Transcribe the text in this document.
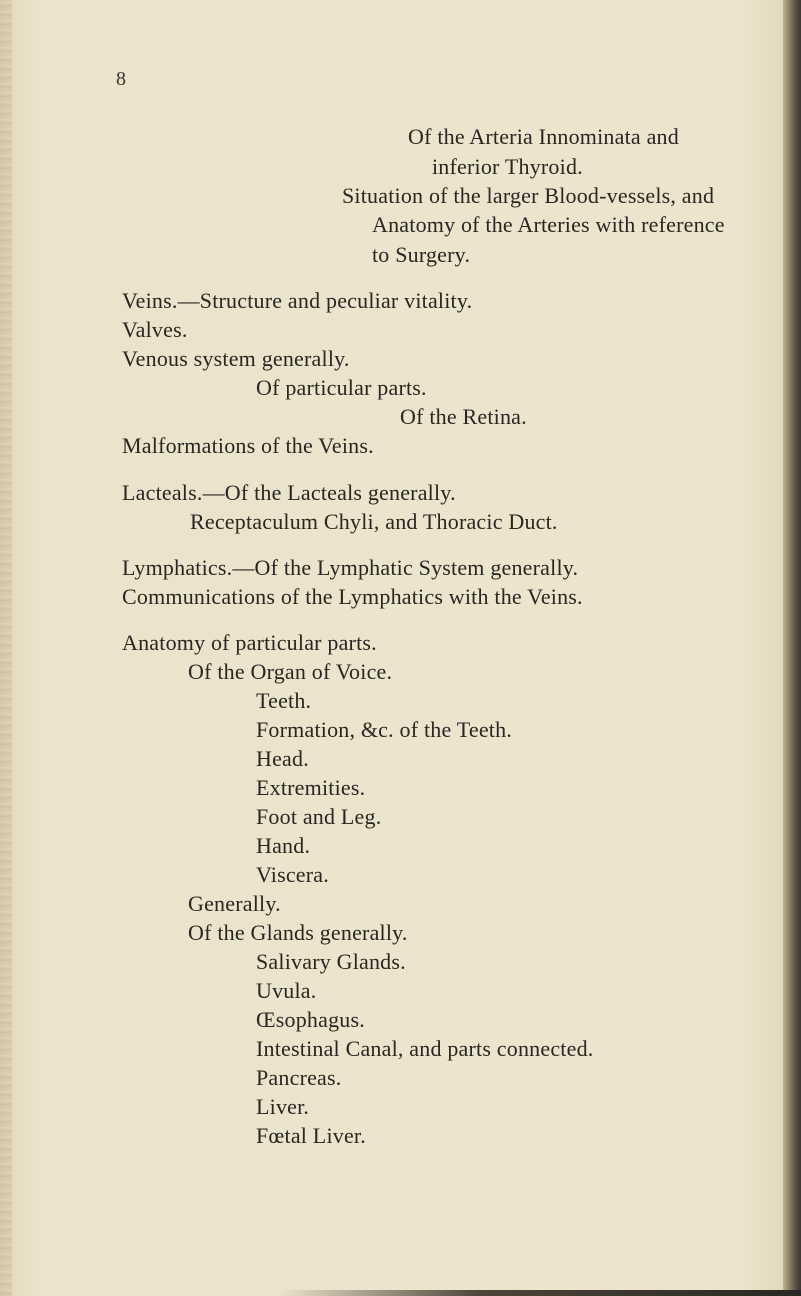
8
Of the Arteria Innominata and
inferior Thyroid.
Situation of the larger Blood-vessels, and
Anatomy of the Arteries with reference
to Surgery.
Veins.—Structure and peculiar vitality.
Valves.
Venous system generally.
Of particular parts.
Of the Retina.
Malformations of the Veins.
Lacteals.—Of the Lacteals generally.
Receptaculum Chyli, and Thoracic Duct.
Lymphatics.—Of the Lymphatic System generally.
Communications of the Lymphatics with the Veins.
Anatomy of particular parts.
Of the Organ of Voice.
Teeth.
Formation, &c. of the Teeth.
Head.
Extremities.
Foot and Leg.
Hand.
Viscera.
Generally.
Of the Glands generally.
Salivary Glands.
Uvula.
Œsophagus.
Intestinal Canal, and parts connected.
Pancreas.
Liver.
Fœtal Liver.
